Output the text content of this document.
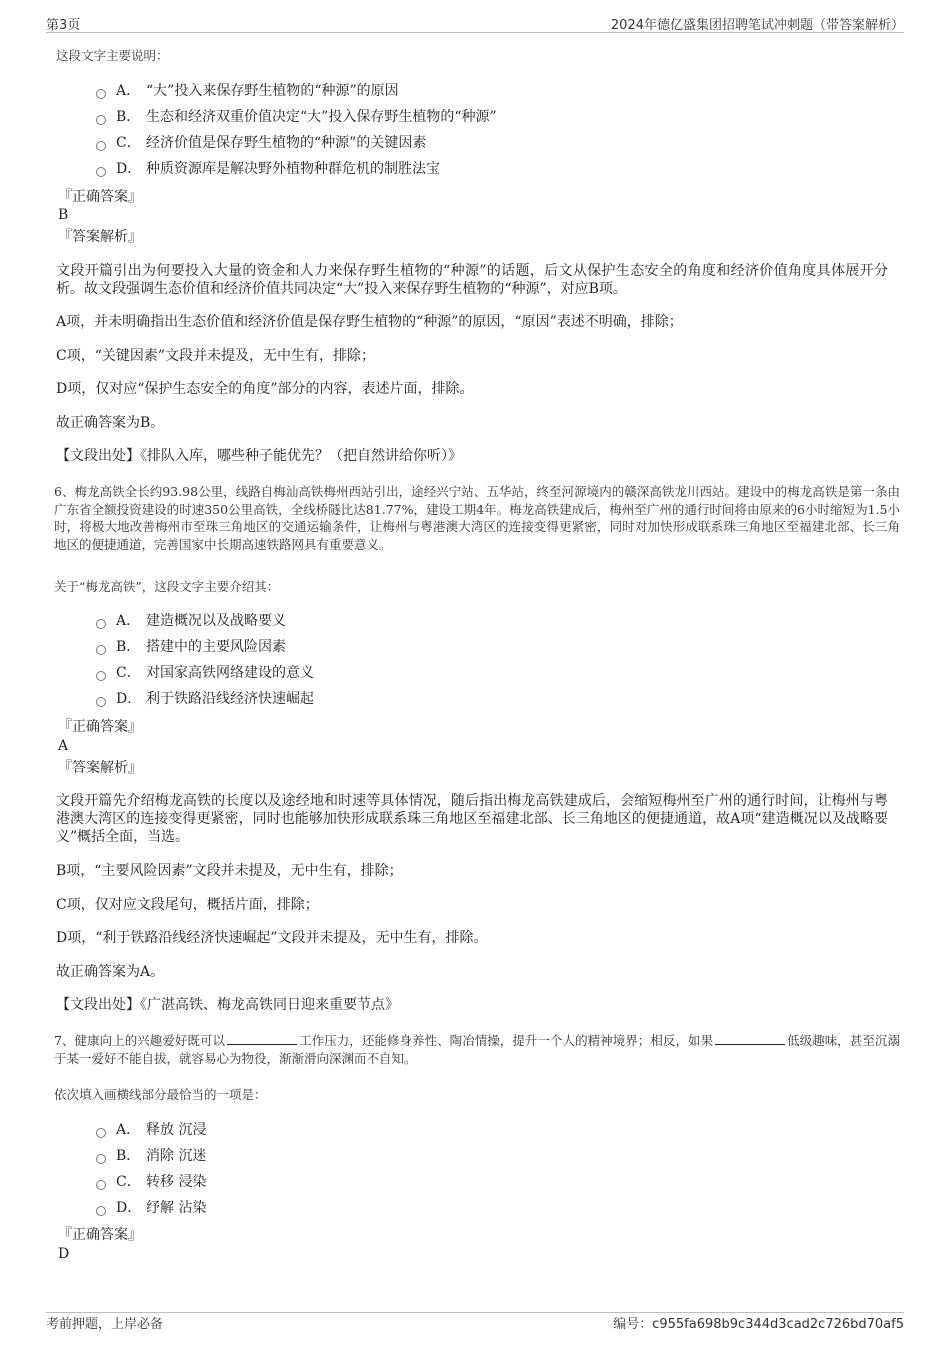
第3页	2024年德亿盛集团招聘笔试冲刺题（带答案解析）
这段文字主要说明：
A． “大”投入来保存野生植物的“种源”的原因
B． 生态和经济双重价值决定“大”投入保存野生植物的“种源”
C． 经济价值是保存野生植物的“种源”的关键因素
D． 种质资源库是解决野外植物种群危机的制胜法宝
『正确答案』
B
『答案解析』
文段开篇引出为何要投入大量的资金和人力来保存野生植物的“种源”的话题，后文从保护生态安全的角度和经济价值角度具体展开分析。故文段强调生态价值和经济价值共同决定“大”投入来保存野生植物的“种源”，对应B项。
A项，并未明确指出生态价值和经济价值是保存野生植物的“种源”的原因，“原因”表述不明确，排除；
C项，“关键因素”文段并未提及，无中生有，排除；
D项，仅对应“保护生态安全的角度”部分的内容，表述片面，排除。
故正确答案为B。
【文段出处】《排队入库，哪些种子能优先？（把自然讲给你听）》
6、梅龙高铁全长约93.98公里，线路自梅汕高铁梅州西站引出，途经兴宁站、五华站，终至河源境内的赣深高铁龙川西站。建设中的梅龙高铁是第一条由广东省全额投资建设的时速350公里高铁，全线桥隧比达81.77%，建设工期4年。梅龙高铁建成后，梅州至广州的通行时间将由原来的6小时缩短为1.5小时，将极大地改善梅州市至珠三角地区的交通运输条件，让梅州与粤港澳大湾区的连接变得更紧密，同时对加快形成联系珠三角地区至福建北部、长三角地区的便捷通道，完善国家中长期高速铁路网具有重要意义。
关于“梅龙高铁”，这段文字主要介绍其：
A． 建造概况以及战略要义
B． 搭建中的主要风险因素
C． 对国家高铁网络建设的意义
D． 利于铁路沿线经济快速崛起
『正确答案』
A
『答案解析』
文段开篇先介绍梅龙高铁的长度以及途经地和时速等具体情况，随后指出梅龙高铁建成后，会缩短梅州至广州的通行时间，让梅州与粤港澳大湾区的连接变得更紧密，同时也能够加快形成联系珠三角地区至福建北部、长三角地区的便捷通道，故A项“建造概况以及战略要义”概括全面，当选。
B项，“主要风险因素”文段并未提及，无中生有，排除；
C项，仅对应文段尾句，概括片面，排除；
D项，“利于铁路沿线经济快速崛起”文段并未提及，无中生有，排除。
故正确答案为A。
【文段出处】《广湛高铁、梅龙高铁同日迎来重要节点》
7、健康向上的兴趣爱好既可以	工作压力，还能修身养性、陶冶情操，提升一个人的精神境界；相反，如果	低级趣味，甚至沉溺于某一爱好不能自拔，就容易心为物役，渐渐滑向深渊而不自知。
依次填入画横线部分最恰当的一项是：
A． 释放 沉浸
B． 消除 沉迷
C． 转移 浸染
D． 纾解 沾染
『正确答案』
D
考前押题，上岸必备	编号：c955fa698b9c344d3cad2c726bd70af5
